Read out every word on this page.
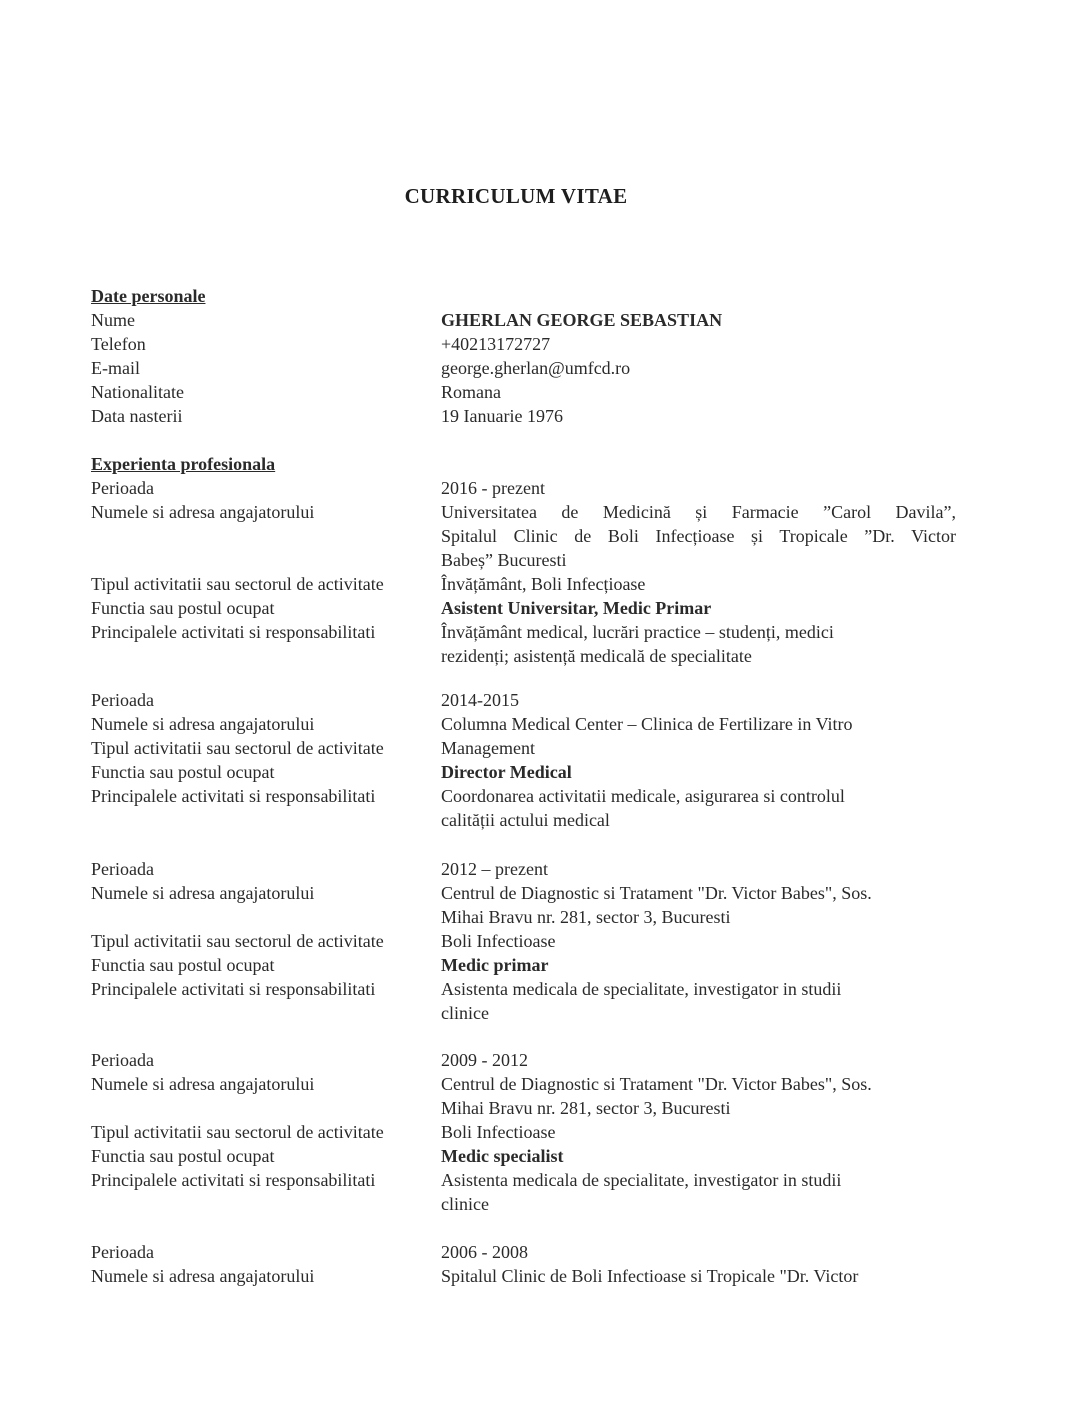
CURRICULUM VITAE
Date personale
Nume	GHERLAN GEORGE SEBASTIAN
Telefon	+40213172727
E-mail	george.gherlan@umfcd.ro
Nationalitate	Romana
Data nasterii	19 Ianuarie 1976
Experienta profesionala
Perioada	2016 - prezent
Numele si adresa angajatorului	Universitatea de Medicină și Farmacie ”Carol Davila”,
Spitalul Clinic de Boli Infecțioase și Tropicale ”Dr. Victor
Babeș” Bucuresti
Tipul activitatii sau sectorul de activitate	Învățământ, Boli Infecțioase
Functia sau postul ocupat	Asistent Universitar, Medic Primar
Principalele activitati si responsabilitati	Învățământ medical, lucrări practice – studenți, medici
rezidenți; asistență medicală de specialitate
Perioada	2014-2015
Numele si adresa angajatorului	Columna Medical Center – Clinica de Fertilizare in Vitro
Tipul activitatii sau sectorul de activitate	Management
Functia sau postul ocupat	Director Medical
Principalele activitati si responsabilitati	Coordonarea activitatii medicale, asigurarea si controlul
calității actului medical
Perioada	2012 – prezent
Numele si adresa angajatorului	Centrul de Diagnostic si Tratament "Dr. Victor Babes", Sos.
Mihai Bravu nr. 281, sector 3, Bucuresti
Tipul activitatii sau sectorul de activitate	Boli Infectioase
Functia sau postul ocupat	Medic primar
Principalele activitati si responsabilitati	Asistenta medicala de specialitate, investigator in studii
clinice
Perioada	2009 - 2012
Numele si adresa angajatorului	Centrul de Diagnostic si Tratament "Dr. Victor Babes", Sos.
Mihai Bravu nr. 281, sector 3, Bucuresti
Tipul activitatii sau sectorul de activitate	Boli Infectioase
Functia sau postul ocupat	Medic specialist
Principalele activitati si responsabilitati	Asistenta medicala de specialitate, investigator in studii
clinice
Perioada	2006 - 2008
Numele si adresa angajatorului	Spitalul Clinic de Boli Infectioase si Tropicale "Dr. Victor
